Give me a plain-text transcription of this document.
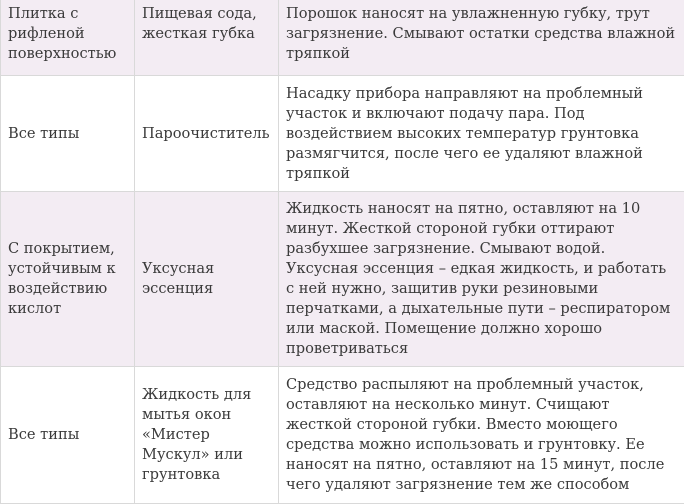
Плитка с рифленой поверхностью	Пищевая сода, жесткая губка	Порошок наносят на увлажненную губку, трут загрязнение. Смывают остатки средства влажной тряпкой
Все типы	Пароочиститель	Насадку прибора направляют на проблемный участок и включают подачу пара. Под воздействием высоких температур грунтовка размягчится, после чего ее удаляют влажной тряпкой
С покрытием, устойчивым к воздействию кислот	Уксусная эссенция	Жидкость наносят на пятно, оставляют на 10 минут. Жесткой стороной губки оттирают разбухшее загрязнение. Смывают водой. Уксусная эссенция – едкая жидкость, и работать с ней нужно, защитив руки резиновыми перчатками, а дыхательные пути – респиратором или маской. Помещение должно хорошо проветриваться
Все типы	Жидкость для мытья окон «Мистер Мускул» или грунтовка	Средство распыляют на проблемный участок, оставляют на несколько минут. Счищают жесткой стороной губки. Вместо моющего средства можно использовать и грунтовку. Ее наносят на пятно, оставляют на 15 минут, после чего удаляют загрязнение тем же способом
